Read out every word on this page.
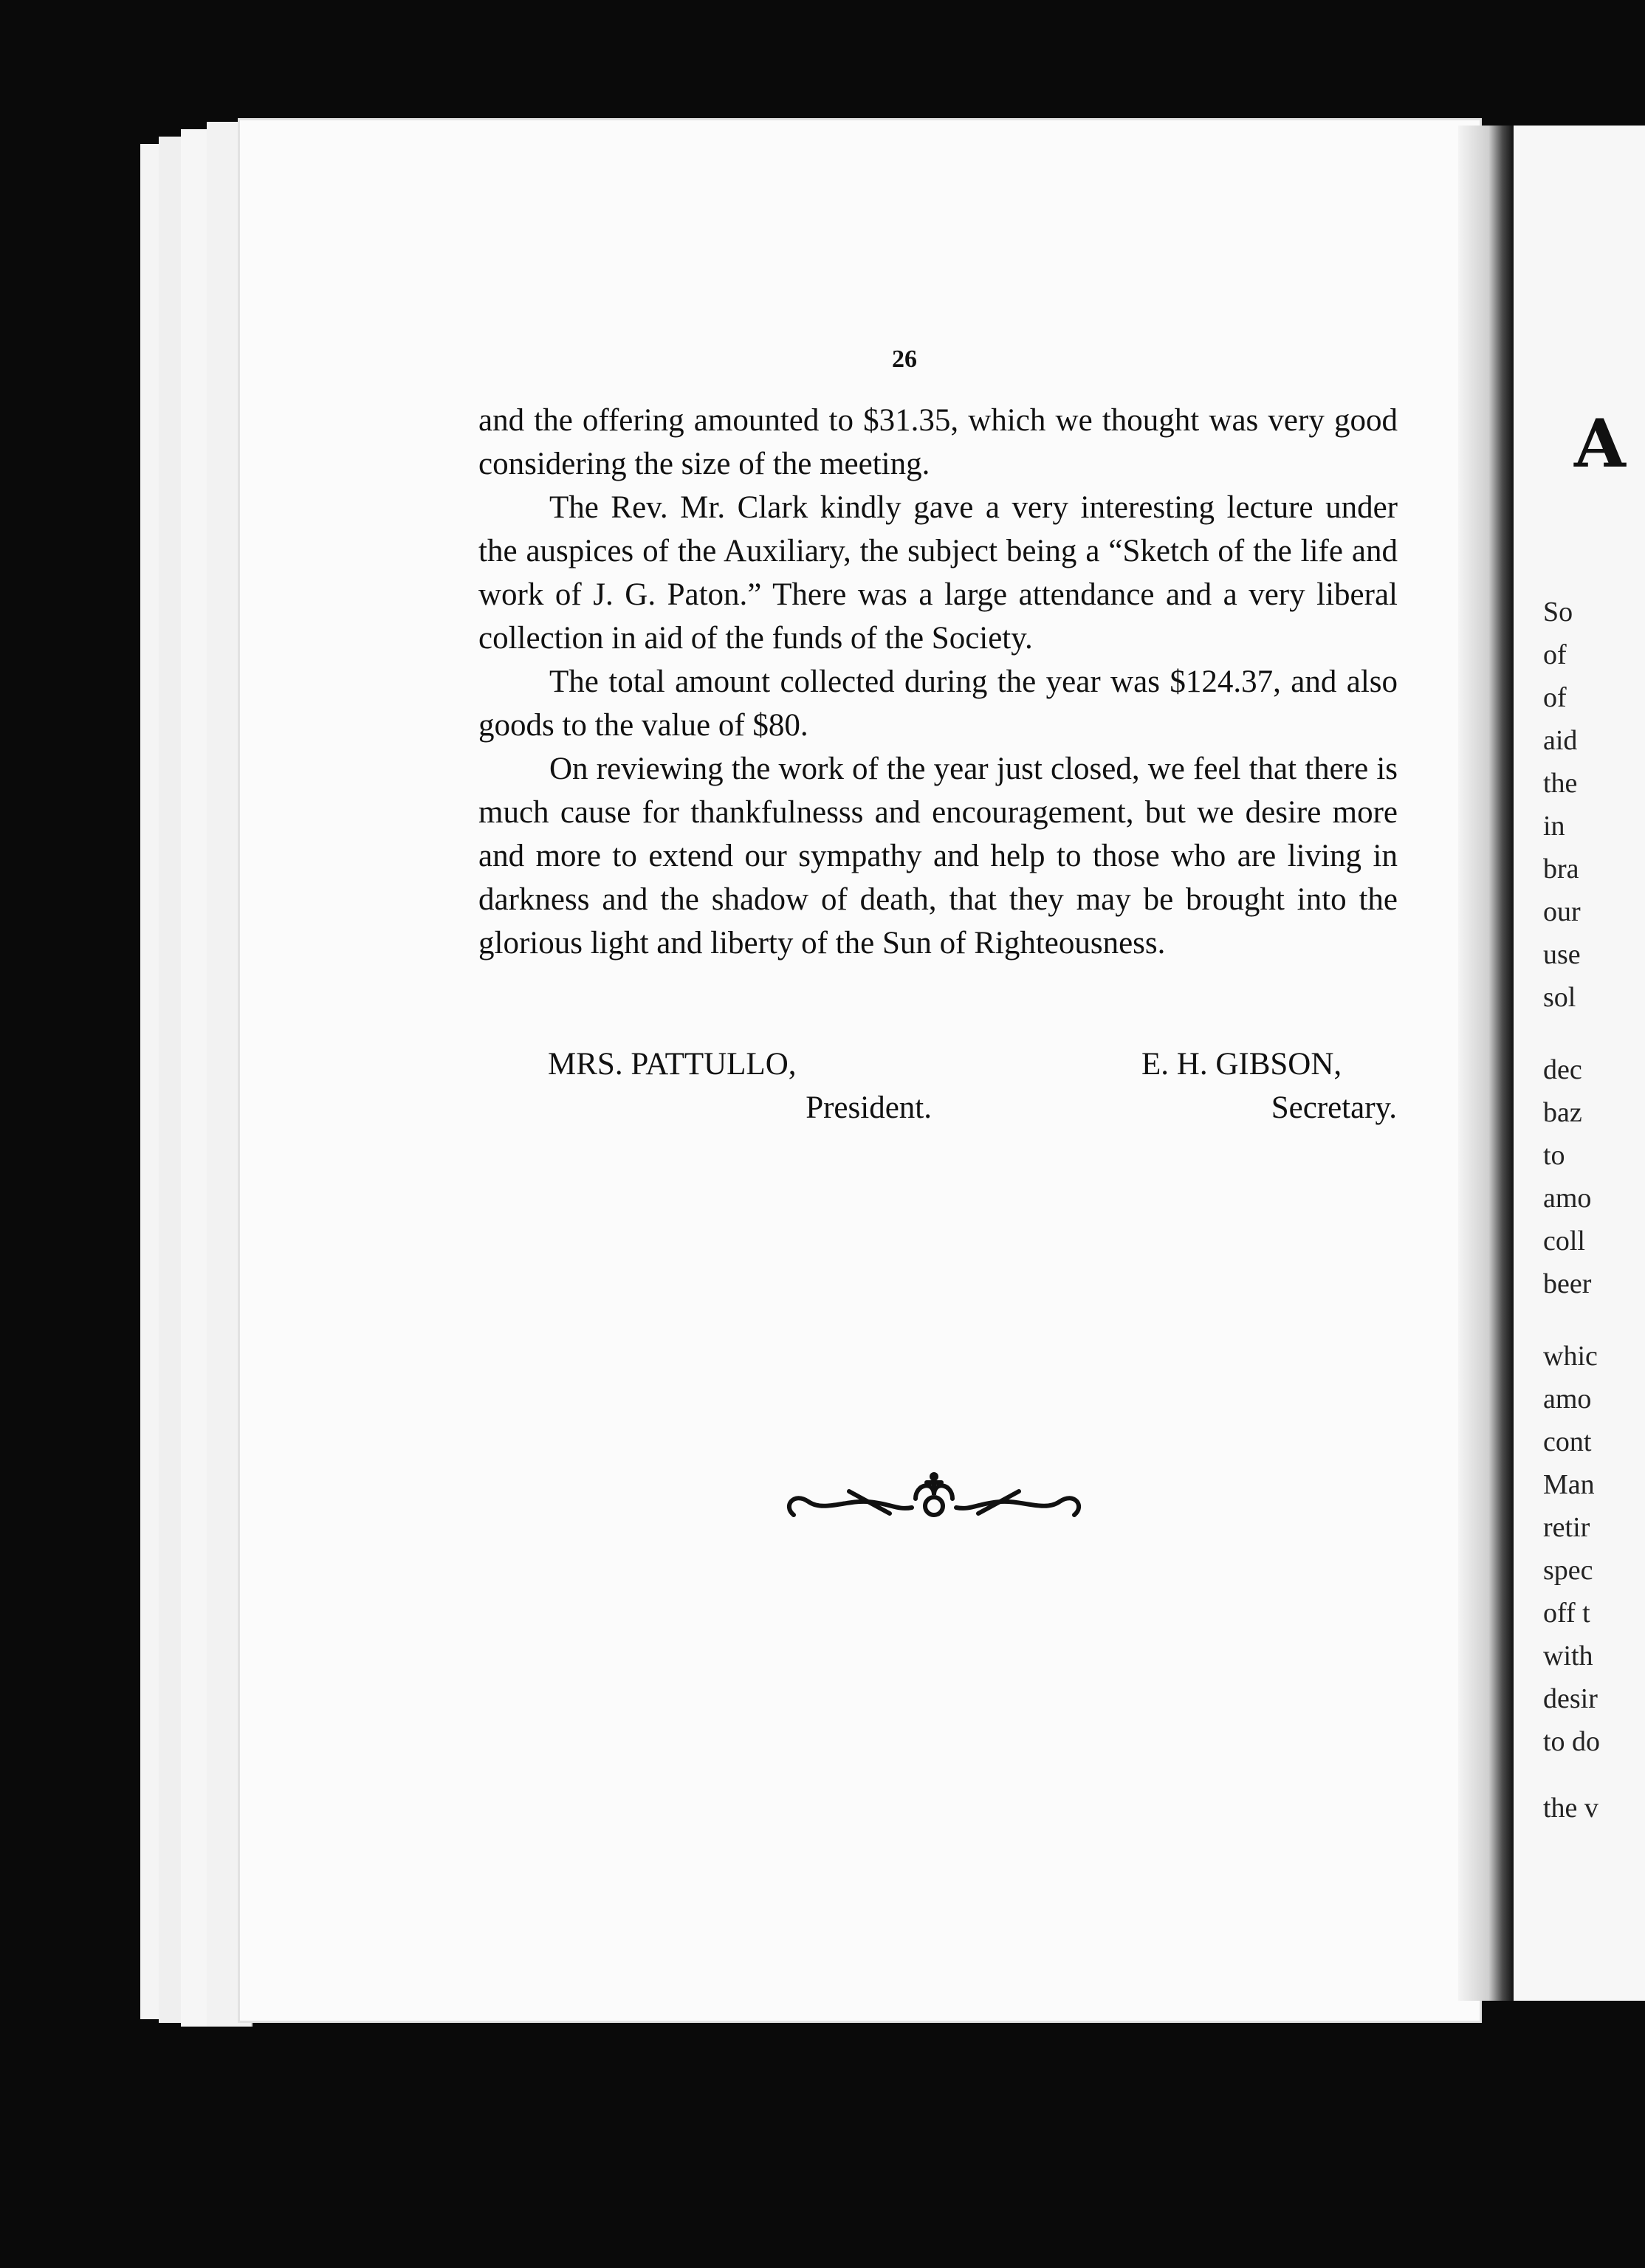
26

and the offering amounted to $31.35, which we thought was very good considering the size of the meeting.

The Rev. Mr. Clark kindly gave a very interesting lecture under the auspices of the Auxiliary, the subject being a “Sketch of the life and work of J. G. Paton.” There was a large attendance and a very liberal collection in aid of the funds of the Society.

The total amount collected during the year was $124.37, and also goods to the value of $80.

On reviewing the work of the year just closed, we feel that there is much cause for thankfulnesss and encouragement, but we desire more and more to extend our sympathy and help to those who are living in darkness and the shadow of death, that they may be brought into the glorious light and liberty of the Sun of Righteousness.

MRS. PATTULLO,
President.
E. H. GIBSON,
Secretary.
A
So
of
of
aid
the
in
bra
our
use
sol
dec
baz
to
amo
coll
beer
whic
amo
cont
Man
retir
spec
off t
with
desir
to do
the v
